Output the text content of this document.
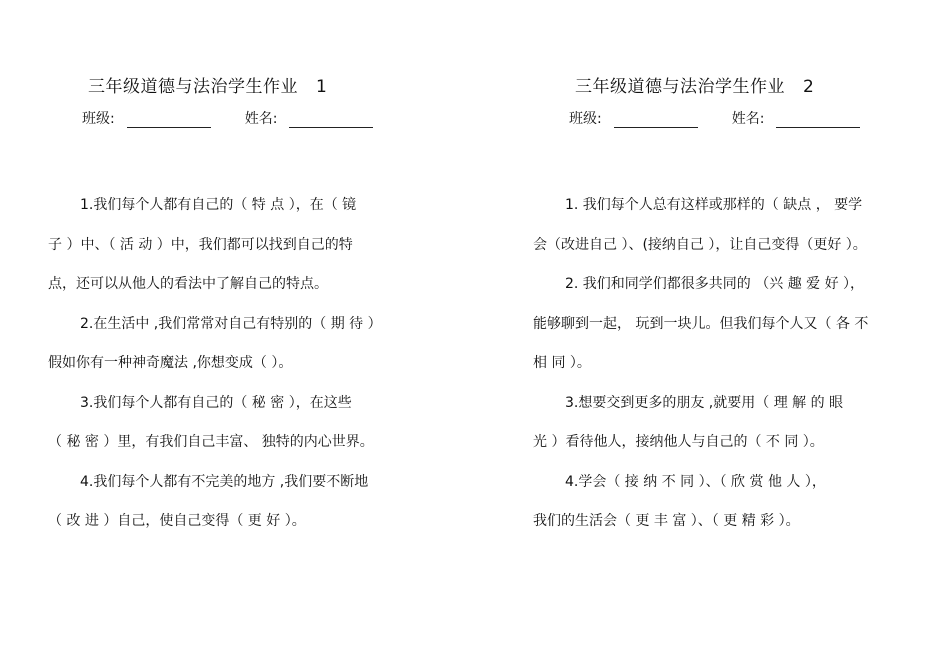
三年级道德与法治学生作业 1
班级:	姓名:
1.我们每个人都有自己的（ 特 点 ），在（ 镜
子 ）中、（ 活 动 ）中，我们都可以找到自己的特
点，还可以从他人的看法中了解自己的特点。
2.在生活中 ,我们常常对自己有特别的（ 期 待 ）
假如你有一种神奇魔法 ,你想变成（ ）。
3.我们每个人都有自己的（ 秘 密 ），在这些
（ 秘 密 ）里，有我们自己丰富、 独特的内心世界。
4.我们每个人都有不完美的地方 ,我们要不断地
（ 改 进 ）自己，使自己变得（ 更 好 ）。
三年级道德与法治学生作业 2
班级:	姓名:
1. 我们每个人总有这样或那样的（ 缺点 ， 要学
会（改进自己 ）、(接纳自己 ），让自己变得（更好 ）。
2. 我们和同学们都很多共同的 （兴 趣 爱 好 ），
能够聊到一起， 玩到一块儿。但我们每个人又（ 各 不
相 同 ）。
3.想要交到更多的朋友 ,就要用（ 理 解 的 眼
光 ）看待他人，接纳他人与自己的（ 不 同 ）。
4.学会（ 接 纳 不 同 ）、（ 欣 赏 他 人 ），
我们的生活会（ 更 丰 富 ）、（ 更 精 彩 ）。
